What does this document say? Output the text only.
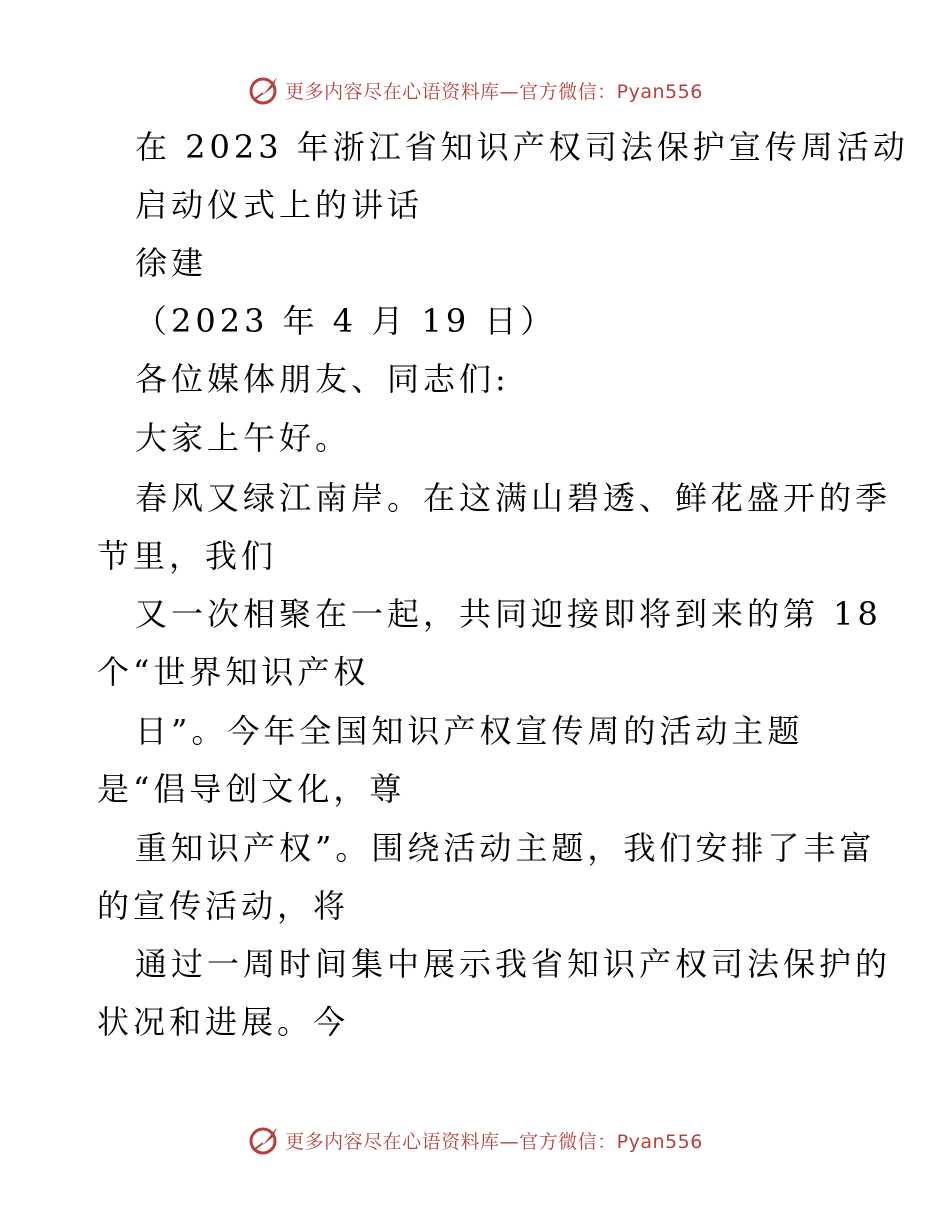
更多内容尽在心语资料库—官方微信：Pyan556
在 2023 年浙江省知识产权司法保护宣传周活动
启动仪式上的讲话
徐建
（2023 年 4 月 19 日）
各位媒体朋友、同志们:
大家上午好。
春风又绿江南岸。在这满山碧透、鲜花盛开的季
节里，我们
又一次相聚在一起，共同迎接即将到来的第 18
个“世界知识产权
日”。今年全国知识产权宣传周的活动主题
是“倡导创文化，尊
重知识产权”。围绕活动主题，我们安排了丰富
的宣传活动，将
通过一周时间集中展示我省知识产权司法保护的
状况和进展。今
更多内容尽在心语资料库—官方微信：Pyan556
